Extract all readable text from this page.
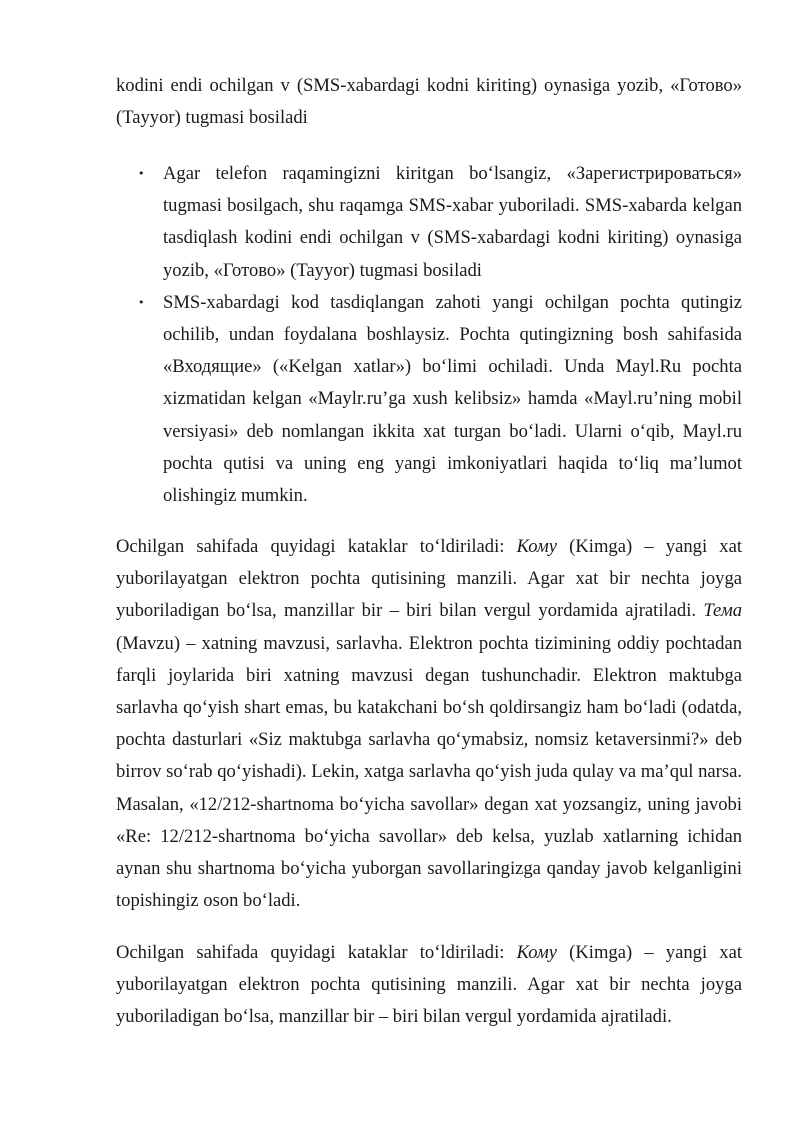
kodini endi ochilgan v (SMS-xabardagi kodni kiriting) oynasiga yozib, «Готово» (Tayyor) tugmasi bosiladi

• Agar telefon raqamingizni kiritgan bo‘lsangiz, «Зарегистрироваться» tugmasi bosilgach, shu raqamga SMS-xabar yuboriladi. SMS-xabarda kelgan tasdiqlash kodini endi ochilgan v (SMS-xabardagi kodni kiriting) oynasiga yozib, «Готово» (Tayyor) tugmasi bosiladi
• SMS-xabardagi kod tasdiqlangan zahoti yangi ochilgan pochta qutingiz ochilib, undan foydalana boshlaysiz. Pochta qutingizning bosh sahifasida «Входящие» («Kelgan xatlar») bo‘limi ochiladi. Unda Mayl.Ru pochta xizmatidan kelgan «Maylr.ru’ga xush kelibsiz» hamda «Mayl.ru’ning mobil versiyasi» deb nomlangan ikkita xat turgan bo‘ladi. Ularni o‘qib, Mayl.ru pochta qutisi va uning eng yangi imkoniyatlari haqida to‘liq ma’lumot olishingiz mumkin.

Ochilgan sahifada quyidagi kataklar to‘ldiriladi: Кому (Kimga) – yangi xat yuborilayatgan elektron pochta qutisining manzili. Agar xat bir nechta joyga yuboriladigan bo‘lsa, manzillar bir – biri bilan vergul yordamida ajratiladi. Тема (Mavzu) – xatning mavzusi, sarlavha. Elektron pochta tizimining oddiy pochtadan farqli joylarida biri xatning mavzusi degan tushunchadir. Elektron maktubga sarlavha qo‘yish shart emas, bu katakchani bo‘sh qoldirsangiz ham bo‘ladi (odatda, pochta dasturlari «Siz maktubga sarlavha qo‘ymabsiz, nomsiz ketaversinmi?» deb birrov so‘rab qo‘yishadi). Lekin, xatga sarlavha qo‘yish juda qulay va ma’qul narsa. Masalan, «12/212-shartnoma bo‘yicha savollar» degan xat yozsangiz, uning javobi «Re: 12/212-shartnoma bo‘yicha savollar» deb kelsa, yuzlab xatlarning ichidan aynan shu shartnoma bo‘yicha yuborgan savollaringizga qanday javob kelganligini topishingiz oson bo‘ladi.

Ochilgan sahifada quyidagi kataklar to‘ldiriladi: Кому (Kimga) – yangi xat yuborilayatgan elektron pochta qutisining manzili. Agar xat bir nechta joyga yuboriladigan bo‘lsa, manzillar bir – biri bilan vergul yordamida ajratiladi.
